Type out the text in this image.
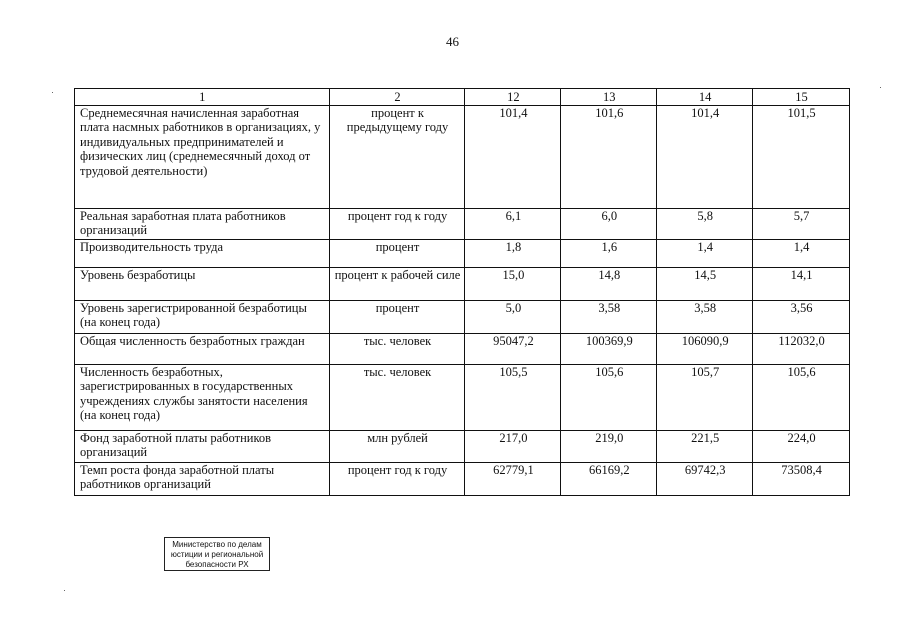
46
1	2	12	13	14	15
Среднемесячная начисленная заработная плата насмных работников в организациях, у индивидуальных предпринимателей и физических лиц (среднемесячный доход от трудовой деятельности)	процент к предыдущему году	101,4	101,6	101,4	101,5
Реальная заработная плата работников организаций	процент год к году	6,1	6,0	5,8	5,7
Производительность труда	процент	1,8	1,6	1,4	1,4
Уровень безработицы	процент к рабочей силе	15,0	14,8	14,5	14,1
Уровень зарегистрированной безработицы (на конец года)	процент	5,0	3,58	3,58	3,56
Общая численность безработных граждан	тыс. человек	95047,2	100369,9	106090,9	112032,0
Численность безработных, зарегистрированных в государственных учреждениях службы занятости населения (на конец года)	тыс. человек	105,5	105,6	105,7	105,6
Фонд заработной платы работников организаций	млн рублей	217,0	219,0	221,5	224,0
Темп роста фонда заработной платы работников организаций	процент год к году	62779,1	66169,2	69742,3	73508,4
Министерство по делам
юстиции и региональной
безопасности РХ
